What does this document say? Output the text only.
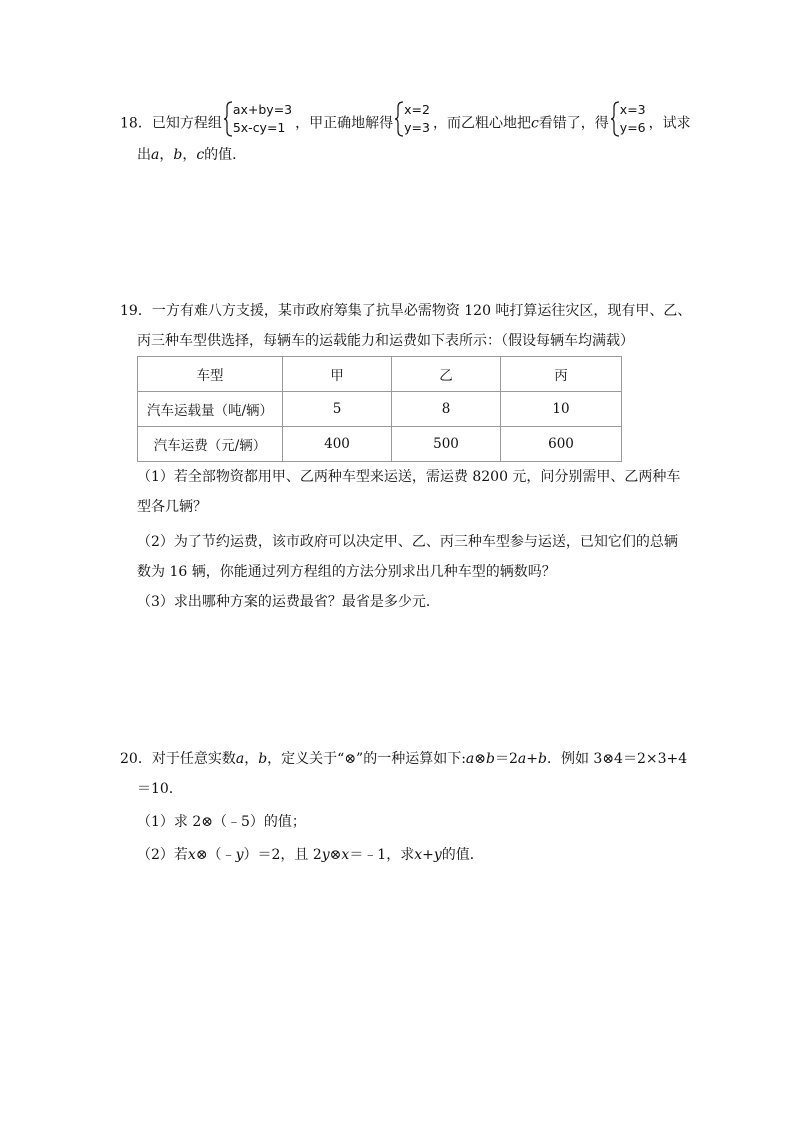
18．已知方程组
ax+by=3
5x-cy=1 ，甲正确地解得
x=2
y=3 ，而乙粗心地把c看错了，得
x=3
y=6 ，试求
出a，b，c的值．
19．一方有难八方支援，某市政府筹集了抗旱必需物资 120 吨打算运往灾区，现有甲、乙、
丙三种车型供选择，每辆车的运载能力和运费如下表所示：（假设每辆车均满载）
车型	甲	乙	丙
汽车运载量（吨/辆）	5	8	10
汽车运费（元/辆）	400	500	600
（1）若全部物资都用甲、乙两种车型来运送，需运费 8200 元，问分别需甲、乙两种车
型各几辆？
（2）为了节约运费，该市政府可以决定甲、乙、丙三种车型参与运送，已知它们的总辆
数为 16 辆，你能通过列方程组的方法分别求出几种车型的辆数吗？
（3）求出哪种方案的运费最省？最省是多少元．
20．对于任意实数a，b，定义关于“⊗”的一种运算如下:a⊗b＝2a+b．例如 3⊗4＝2×3+4
＝10．
（1）求 2⊗（﹣5）的值；
（2）若x⊗（﹣y）＝2，且 2y⊗x＝﹣1，求x+y的值．
